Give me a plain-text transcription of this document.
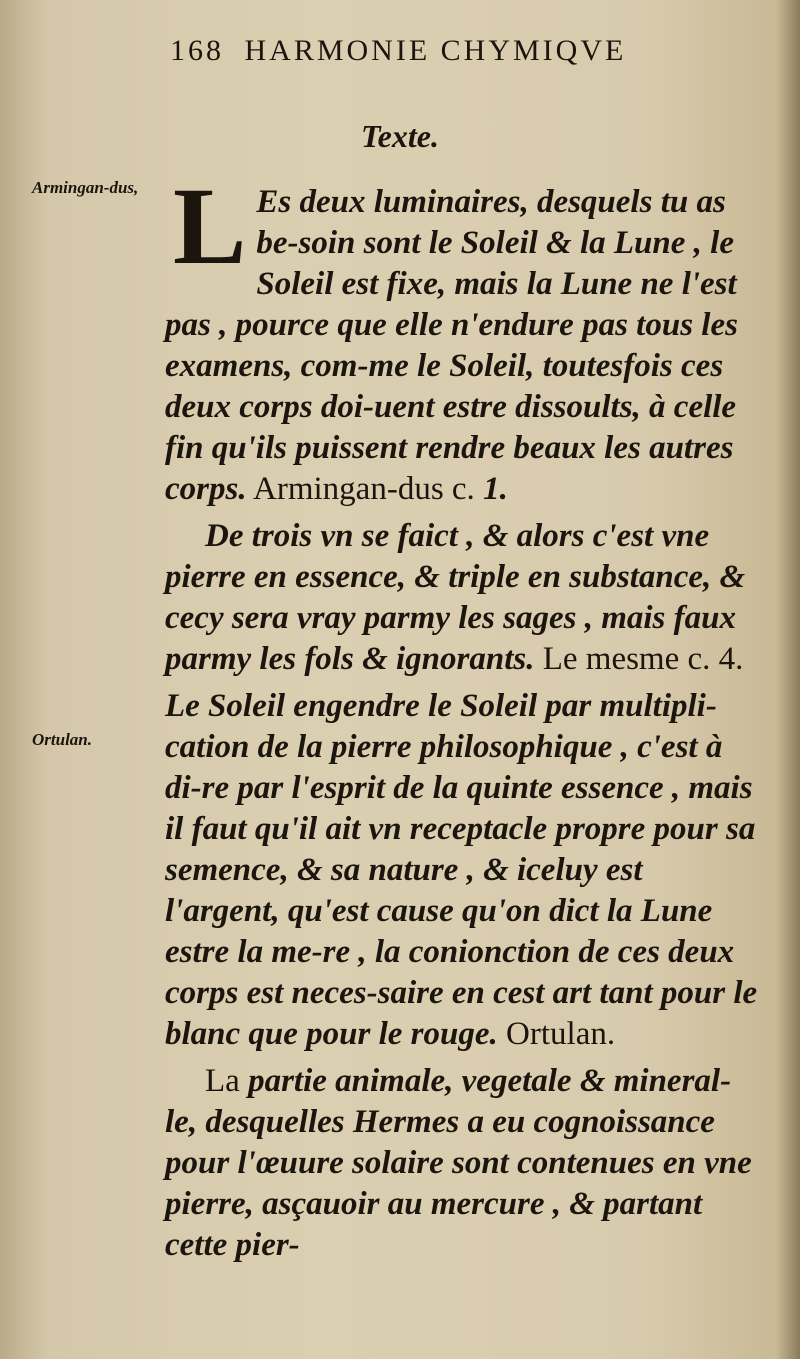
168 HARMONIE CHYMIQVE
Texte.
Armingan-dus,
Ortulan.
L Es deux luminaires, desquels tu as be-soin sont le Soleil & la Lune , le Soleil est fixe, mais la Lune ne l'est pas , pource que elle n'endure pas tous les examens, com-me le Soleil, toutesfois ces deux corps doi-uent estre dissoults, à celle fin qu'ils puissent rendre beaux les autres corps. Armingan-dus c. 1.
De trois vn se faict , & alors c'est vne pierre en essence, & triple en substance, & cecy sera vray parmy les sages , mais faux parmy les fols & ignorants. Le mesme c. 4.
Le Soleil engendre le Soleil par multipli-cation de la pierre philosophique , c'est à di-re par l'esprit de la quinte essence , mais il faut qu'il ait vn receptacle propre pour sa semence, & sa nature , & iceluy est l'argent, qu'est cause qu'on dict la Lune estre la me-re , la conionction de ces deux corps est neces-saire en cest art tant pour le blanc que pour le rouge. Ortulan.
La partie animale, vegetale & mineral-le, desquelles Hermes a eu cognoissance pour l'œuure solaire sont contenues en vne pierre, asçauoir au mercure , & partant cette pier-
